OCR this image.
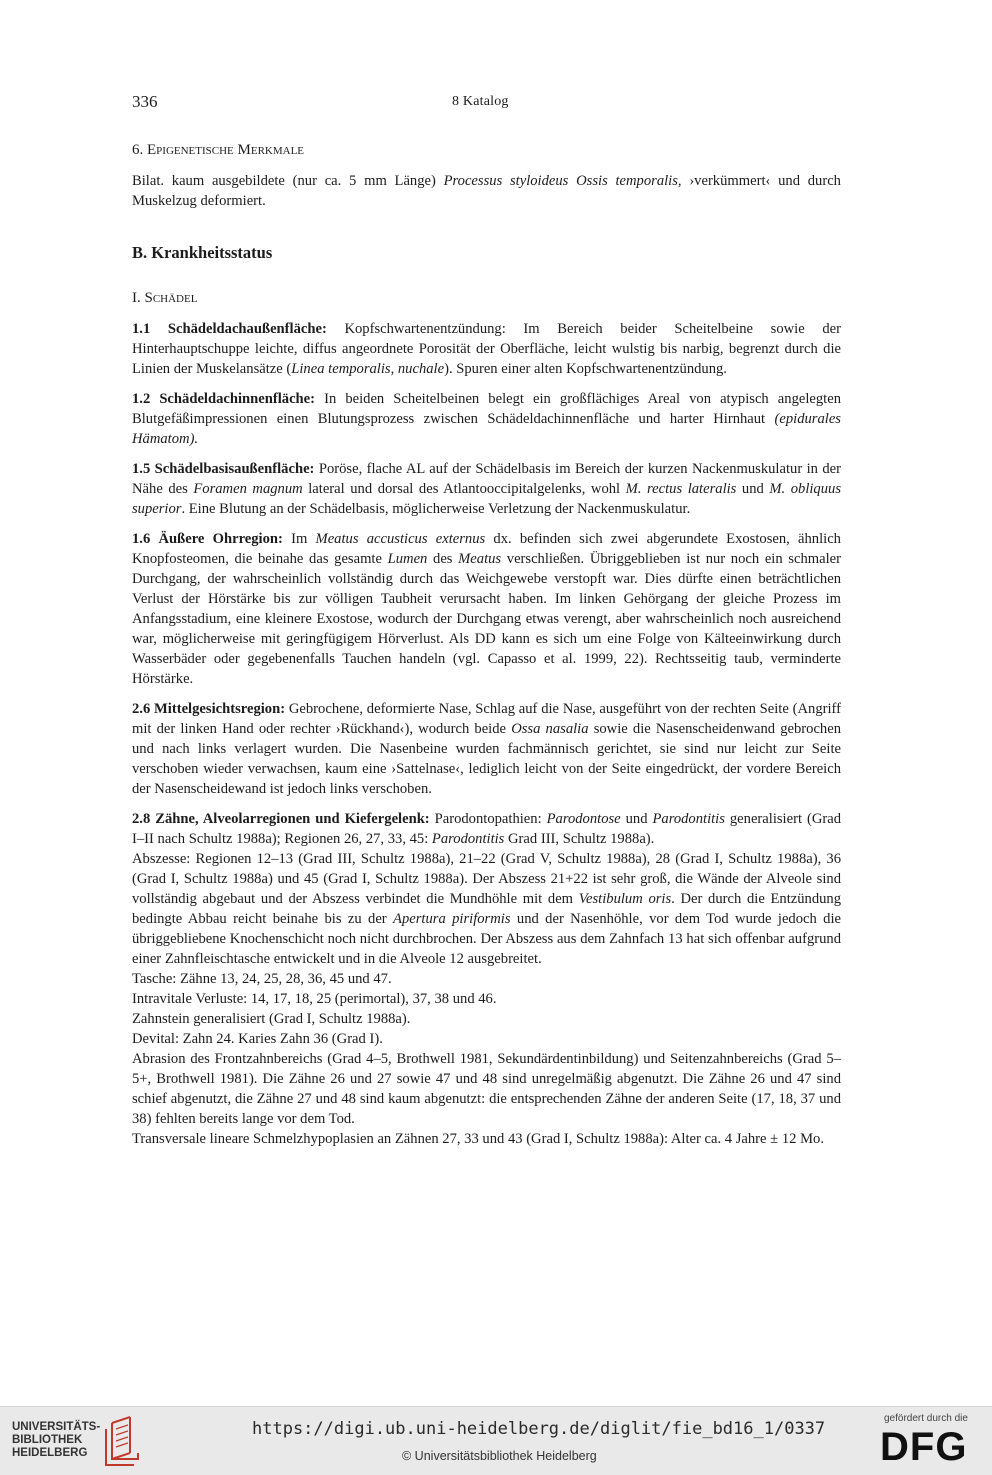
336	8 Katalog
6. Epigenetische Merkmale
Bilat. kaum ausgebildete (nur ca. 5 mm Länge) Processus styloideus Ossis temporalis, ›verkümmert‹ und durch Muskelzug deformiert.
B. Krankheitsstatus
I. Schädel

1.1 Schädeldachaußenfläche: Kopfschwartenentzündung: Im Bereich beider Scheitelbeine sowie der Hinterhauptschuppe leichte, diffus angeordnete Porosität der Oberfläche, leicht wulstig bis narbig, begrenzt durch die Linien der Muskelansätze (Linea temporalis, nuchale). Spuren einer alten Kopfschwartenentzündung.

1.2 Schädeldachinnenfläche: In beiden Scheitelbeinen belegt ein großflächiges Areal von atypisch angelegten Blutgefäßimpressionen einen Blutungsprozess zwischen Schädeldachinnenfläche und harter Hirnhaut (epidurales Hämatom).

1.5 Schädelbasisaußenfläche: Poröse, flache AL auf der Schädelbasis im Bereich der kurzen Nackenmuskulatur in der Nähe des Foramen magnum lateral und dorsal des Atlantooccipitalgelenks, wohl M. rectus lateralis und M. obliquus superior. Eine Blutung an der Schädelbasis, möglicherweise Verletzung der Nackenmuskulatur.

1.6 Äußere Ohrregion: Im Meatus accusticus externus dx. befinden sich zwei abgerundete Exostosen, ähnlich Knopfosteomen, die beinahe das gesamte Lumen des Meatus verschließen. Übriggeblieben ist nur noch ein schmaler Durchgang, der wahrscheinlich vollständig durch das Weichgewebe verstopft war. Dies dürfte einen beträchtlichen Verlust der Hörstärke bis zur völligen Taubheit verursacht haben. Im linken Gehörgang der gleiche Prozess im Anfangsstadium, eine kleinere Exostose, wodurch der Durchgang etwas verengt, aber wahrscheinlich noch ausreichend war, möglicherweise mit geringfügigem Hörverlust. Als DD kann es sich um eine Folge von Kälteeinwirkung durch Wasserbäder oder gegebenenfalls Tauchen handeln (vgl. Capasso et al. 1999, 22). Rechtsseitig taub, verminderte Hörstärke.

2.6 Mittelgesichtsregion: Gebrochene, deformierte Nase, Schlag auf die Nase, ausgeführt von der rechten Seite (Angriff mit der linken Hand oder rechter ›Rückhand‹), wodurch beide Ossa nasalia sowie die Nasenscheidenwand gebrochen und nach links verlagert wurden. Die Nasenbeine wurden fachmännisch gerichtet, sie sind nur leicht zur Seite verschoben wieder verwachsen, kaum eine ›Sattelnase‹, lediglich leicht von der Seite eingedrückt, der vordere Bereich der Nasenscheidewand ist jedoch links verschoben.

2.8 Zähne, Alveolarregionen und Kiefergelenk: Parodontopathien: Parodontose und Parodontitis generalisiert (Grad I–II nach Schultz 1988a); Regionen 26, 27, 33, 45: Parodontitis Grad III, Schultz 1988a).

Abszesse: Regionen 12–13 (Grad III, Schultz 1988a), 21–22 (Grad V, Schultz 1988a), 28 (Grad I, Schultz 1988a), 36 (Grad I, Schultz 1988a) und 45 (Grad I, Schultz 1988a). Der Abszess 21+22 ist sehr groß, die Wände der Alveole sind vollständig abgebaut und der Abszess verbindet die Mundhöhle mit dem Vestibulum oris. Der durch die Entzündung bedingte Abbau reicht beinahe bis zu der Apertura piriformis und der Nasenhöhle, vor dem Tod wurde jedoch die übriggebliebene Knochenschicht noch nicht durchbrochen. Der Abszess aus dem Zahnfach 13 hat sich offenbar aufgrund einer Zahnfleischtasche entwickelt und in die Alveole 12 ausgebreitet.

Tasche: Zähne 13, 24, 25, 28, 36, 45 und 47.

Intravitale Verluste: 14, 17, 18, 25 (perimortal), 37, 38 und 46.

Zahnstein generalisiert (Grad I, Schultz 1988a).

Devital: Zahn 24. Karies Zahn 36 (Grad I).

Abrasion des Frontzahnbereichs (Grad 4–5, Brothwell 1981, Sekundärdentinbildung) und Seitenzahnbereichs (Grad 5–5+, Brothwell 1981). Die Zähne 26 und 27 sowie 47 und 48 sind unregelmäßig abgenutzt. Die Zähne 26 und 47 sind schief abgenutzt, die Zähne 27 und 48 sind kaum abgenutzt: die entsprechenden Zähne der anderen Seite (17, 18, 37 und 38) fehlten bereits lange vor dem Tod.

Transversale lineare Schmelzhypoplasien an Zähnen 27, 33 und 43 (Grad I, Schultz 1988a): Alter ca. 4 Jahre ± 12 Mo.

UNIVERSITÄTS-
BIBLIOTHEK
HEIDELBERG
https://digi.ub.uni-heidelberg.de/diglit/fie_bd16_1/0337
© Universitätsbibliothek Heidelberg
gefördert durch die
DFG
